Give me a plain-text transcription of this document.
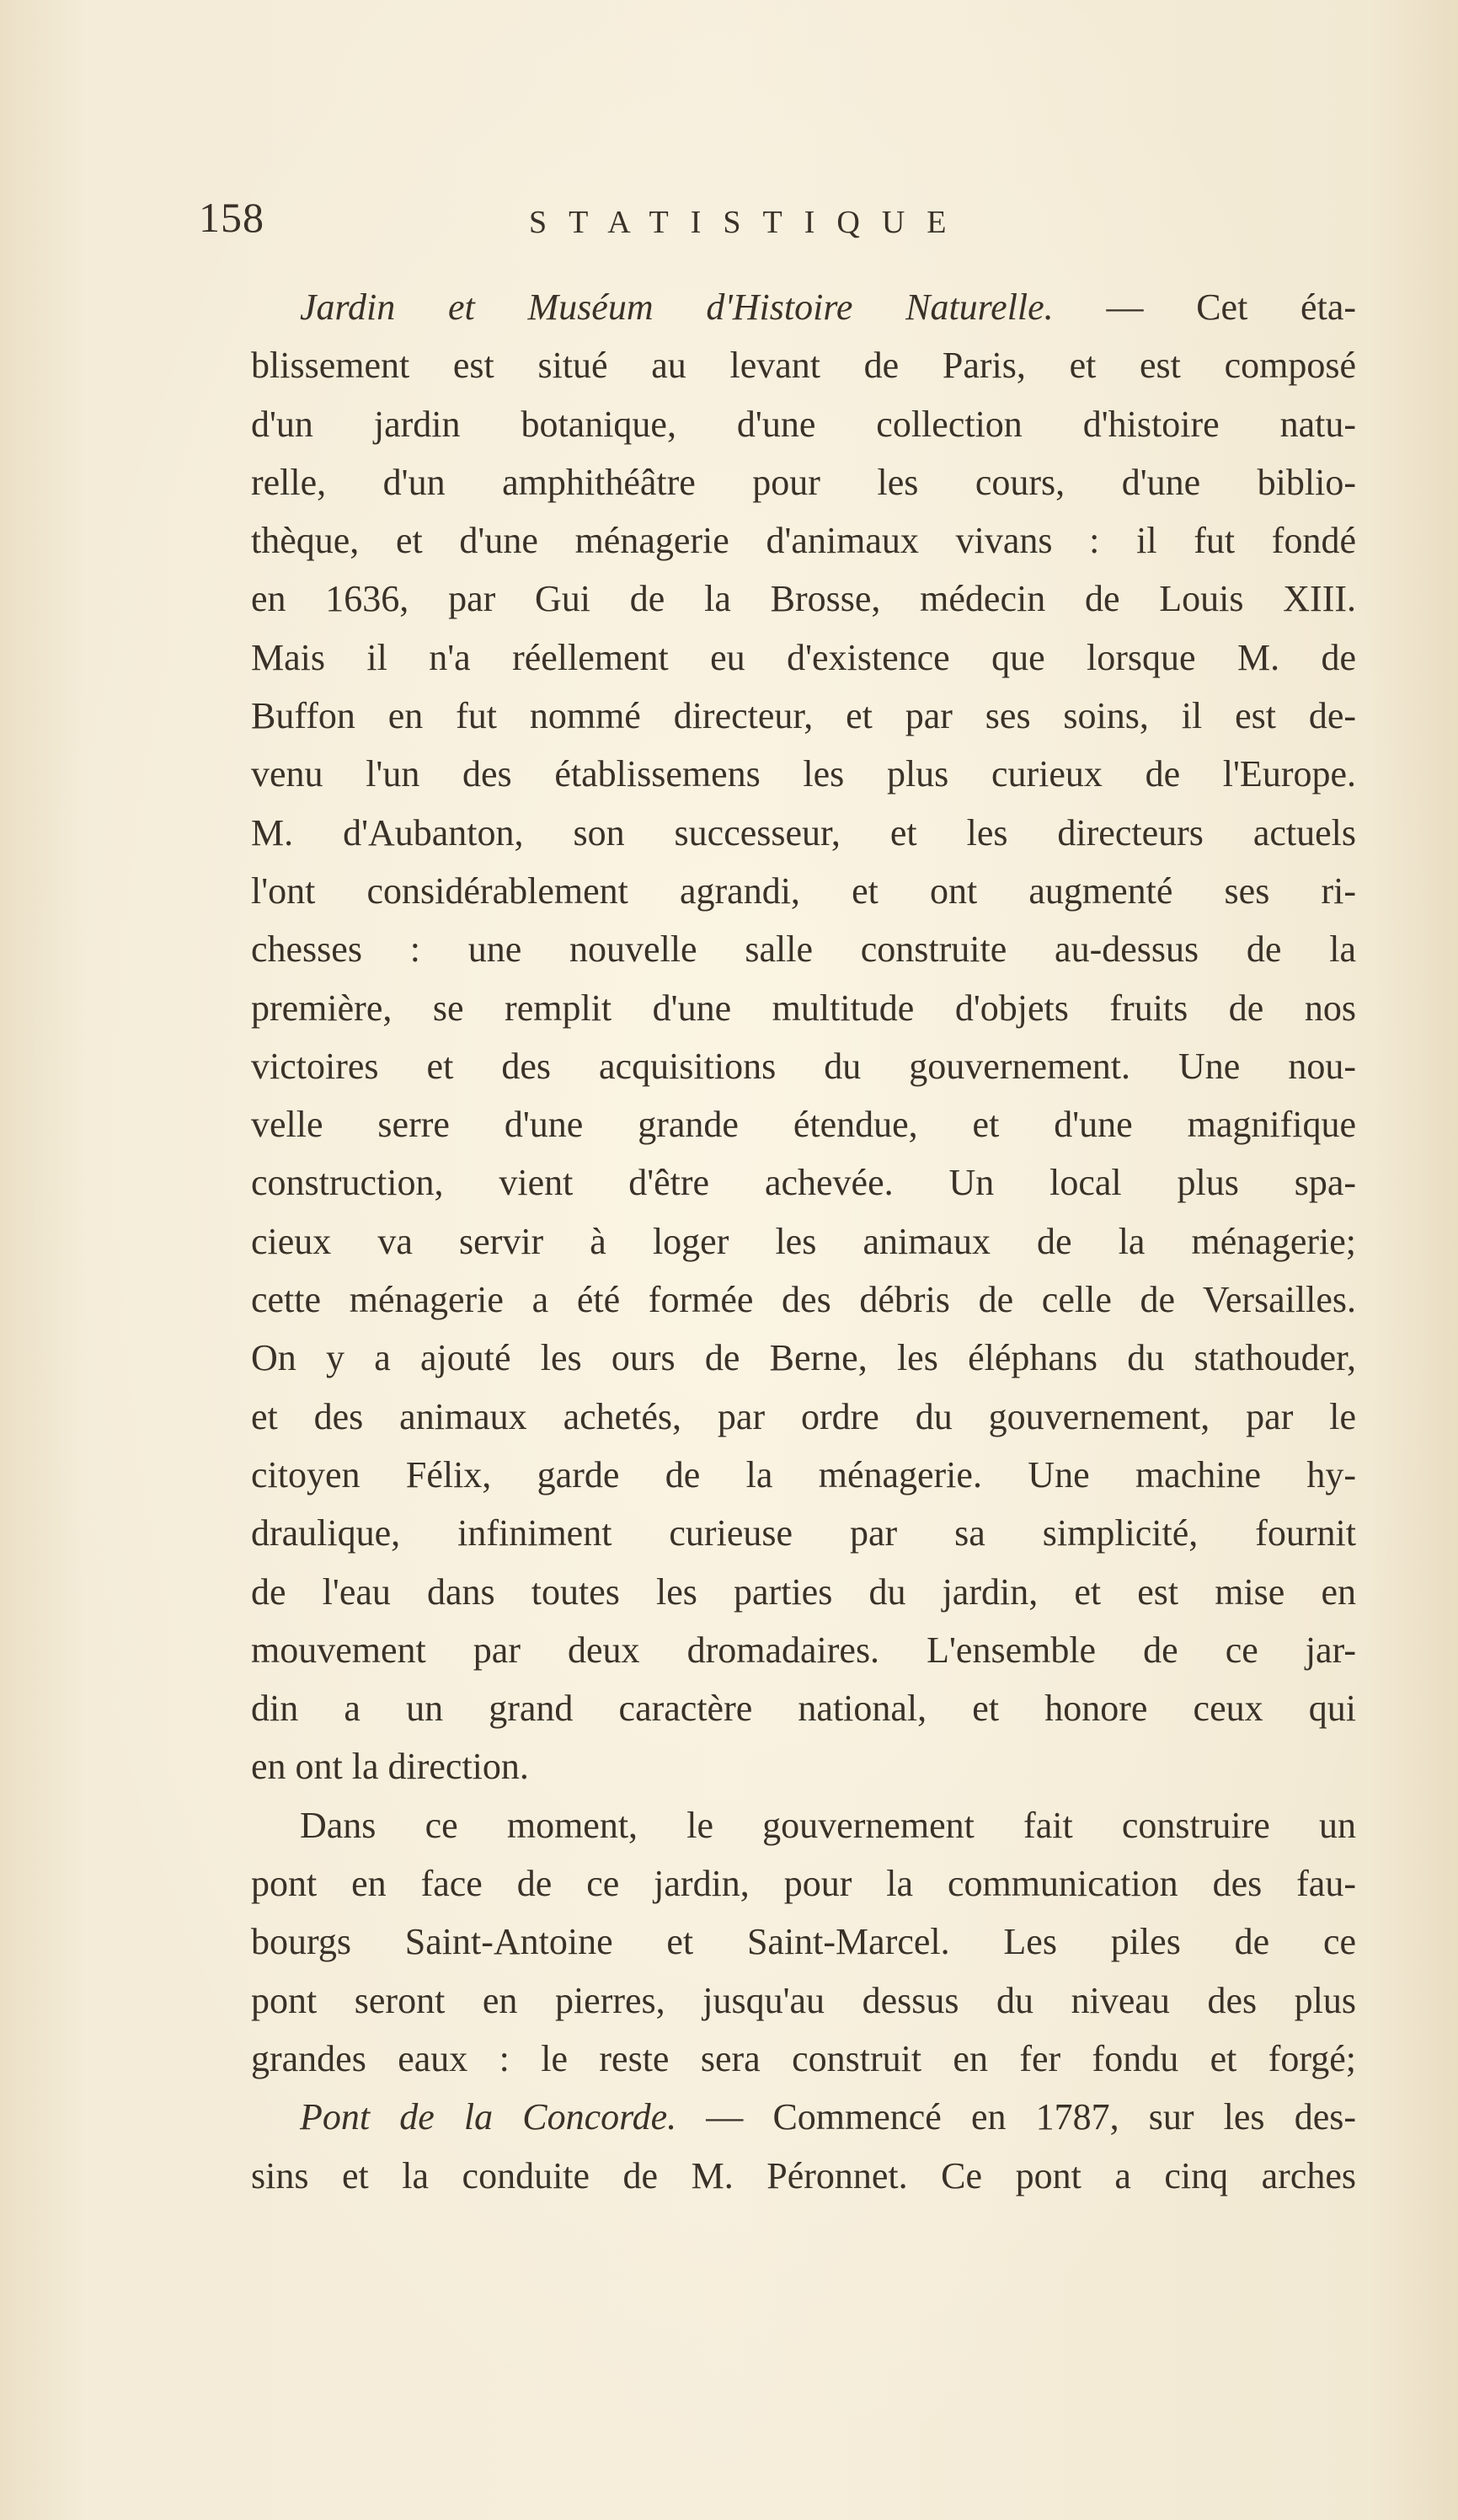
158	STATISTIQUE
Jardin et Muséum d'Histoire Naturelle. — Cet éta-
blissement est situé au levant de Paris, et est composé
d'un jardin botanique, d'une collection d'histoire natu-
relle, d'un amphithéâtre pour les cours, d'une biblio-
thèque, et d'une ménagerie d'animaux vivans : il fut fondé
en 1636, par Gui de la Brosse, médecin de Louis XIII.
Mais il n'a réellement eu d'existence que lorsque M. de
Buffon en fut nommé directeur, et par ses soins, il est de-
venu l'un des établissemens les plus curieux de l'Europe.
M. d'Aubanton, son successeur, et les directeurs actuels
l'ont considérablement agrandi, et ont augmenté ses ri-
chesses : une nouvelle salle construite au-dessus de la
première, se remplit d'une multitude d'objets fruits de nos
victoires et des acquisitions du gouvernement. Une nou-
velle serre d'une grande étendue, et d'une magnifique
construction, vient d'être achevée. Un local plus spa-
cieux va servir à loger les animaux de la ménagerie;
cette ménagerie a été formée des débris de celle de Versailles.
On y a ajouté les ours de Berne, les éléphans du stathouder,
et des animaux achetés, par ordre du gouvernement, par le
citoyen Félix, garde de la ménagerie. Une machine hy-
draulique, infiniment curieuse par sa simplicité, fournit
de l'eau dans toutes les parties du jardin, et est mise en
mouvement par deux dromadaires. L'ensemble de ce jar-
din a un grand caractère national, et honore ceux qui
en ont la direction.
Dans ce moment, le gouvernement fait construire un
pont en face de ce jardin, pour la communication des fau-
bourgs Saint-Antoine et Saint-Marcel. Les piles de ce
pont seront en pierres, jusqu'au dessus du niveau des plus
grandes eaux : le reste sera construit en fer fondu et forgé;
Pont de la Concorde. — Commencé en 1787, sur les des-
sins et la conduite de M. Péronnet. Ce pont a cinq arches
